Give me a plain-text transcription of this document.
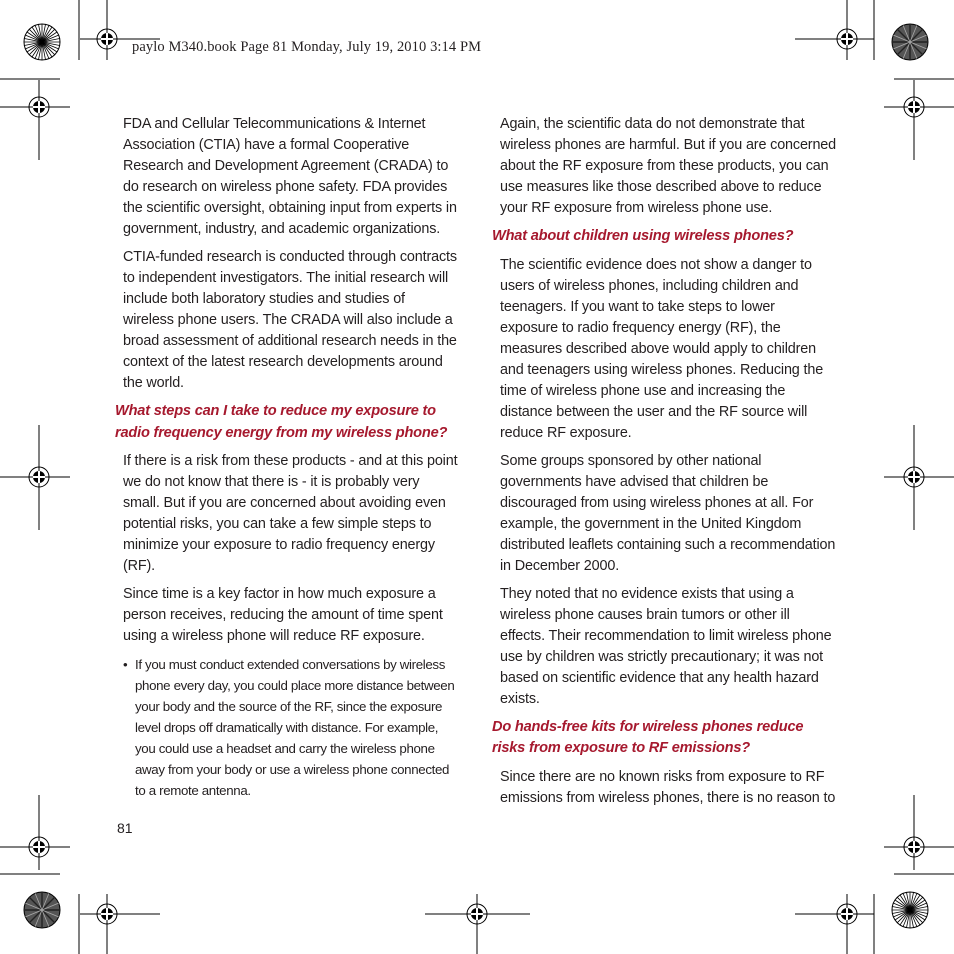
paylo M340.book Page 81 Monday, July 19, 2010 3:14 PM

FDA and Cellular Telecommunications & Internet Association (CTIA) have a formal Cooperative Research and Development Agreement (CRADA) to do research on wireless phone safety. FDA provides the scientific oversight, obtaining input from experts in government, industry, and academic organizations.

CTIA-funded research is conducted through contracts to independent investigators. The initial research will include both laboratory studies and studies of wireless phone users. The CRADA will also include a broad assessment of additional research needs in the context of the latest research developments around the world.

What steps can I take to reduce my exposure to radio frequency energy from my wireless phone?

If there is a risk from these products - and at this point we do not know that there is - it is probably very small. But if you are concerned about avoiding even potential risks, you can take a few simple steps to minimize your exposure to radio frequency energy (RF).

Since time is a key factor in how much exposure a person receives, reducing the amount of time spent using a wireless phone will reduce RF exposure.

• If you must conduct extended conversations by wireless phone every day, you could place more distance between your body and the source of the RF, since the exposure level drops off dramatically with distance. For example, you could use a headset and carry the wireless phone away from your body or use a wireless phone connected to a remote antenna.

Again, the scientific data do not demonstrate that wireless phones are harmful. But if you are concerned about the RF exposure from these products, you can use measures like those described above to reduce your RF exposure from wireless phone use.

What about children using wireless phones?

The scientific evidence does not show a danger to users of wireless phones, including children and teenagers. If you want to take steps to lower exposure to radio frequency energy (RF), the measures described above would apply to children and teenagers using wireless phones. Reducing the time of wireless phone use and increasing the distance between the user and the RF source will reduce RF exposure.

Some groups sponsored by other national governments have advised that children be discouraged from using wireless phones at all. For example, the government in the United Kingdom distributed leaflets containing such a recommendation in December 2000.

They noted that no evidence exists that using a wireless phone causes brain tumors or other ill effects. Their recommendation to limit wireless phone use by children was strictly precautionary; it was not based on scientific evidence that any health hazard exists.

Do hands-free kits for wireless phones reduce risks from exposure to RF emissions?

Since there are no known risks from exposure to RF emissions from wireless phones, there is no reason to

81
